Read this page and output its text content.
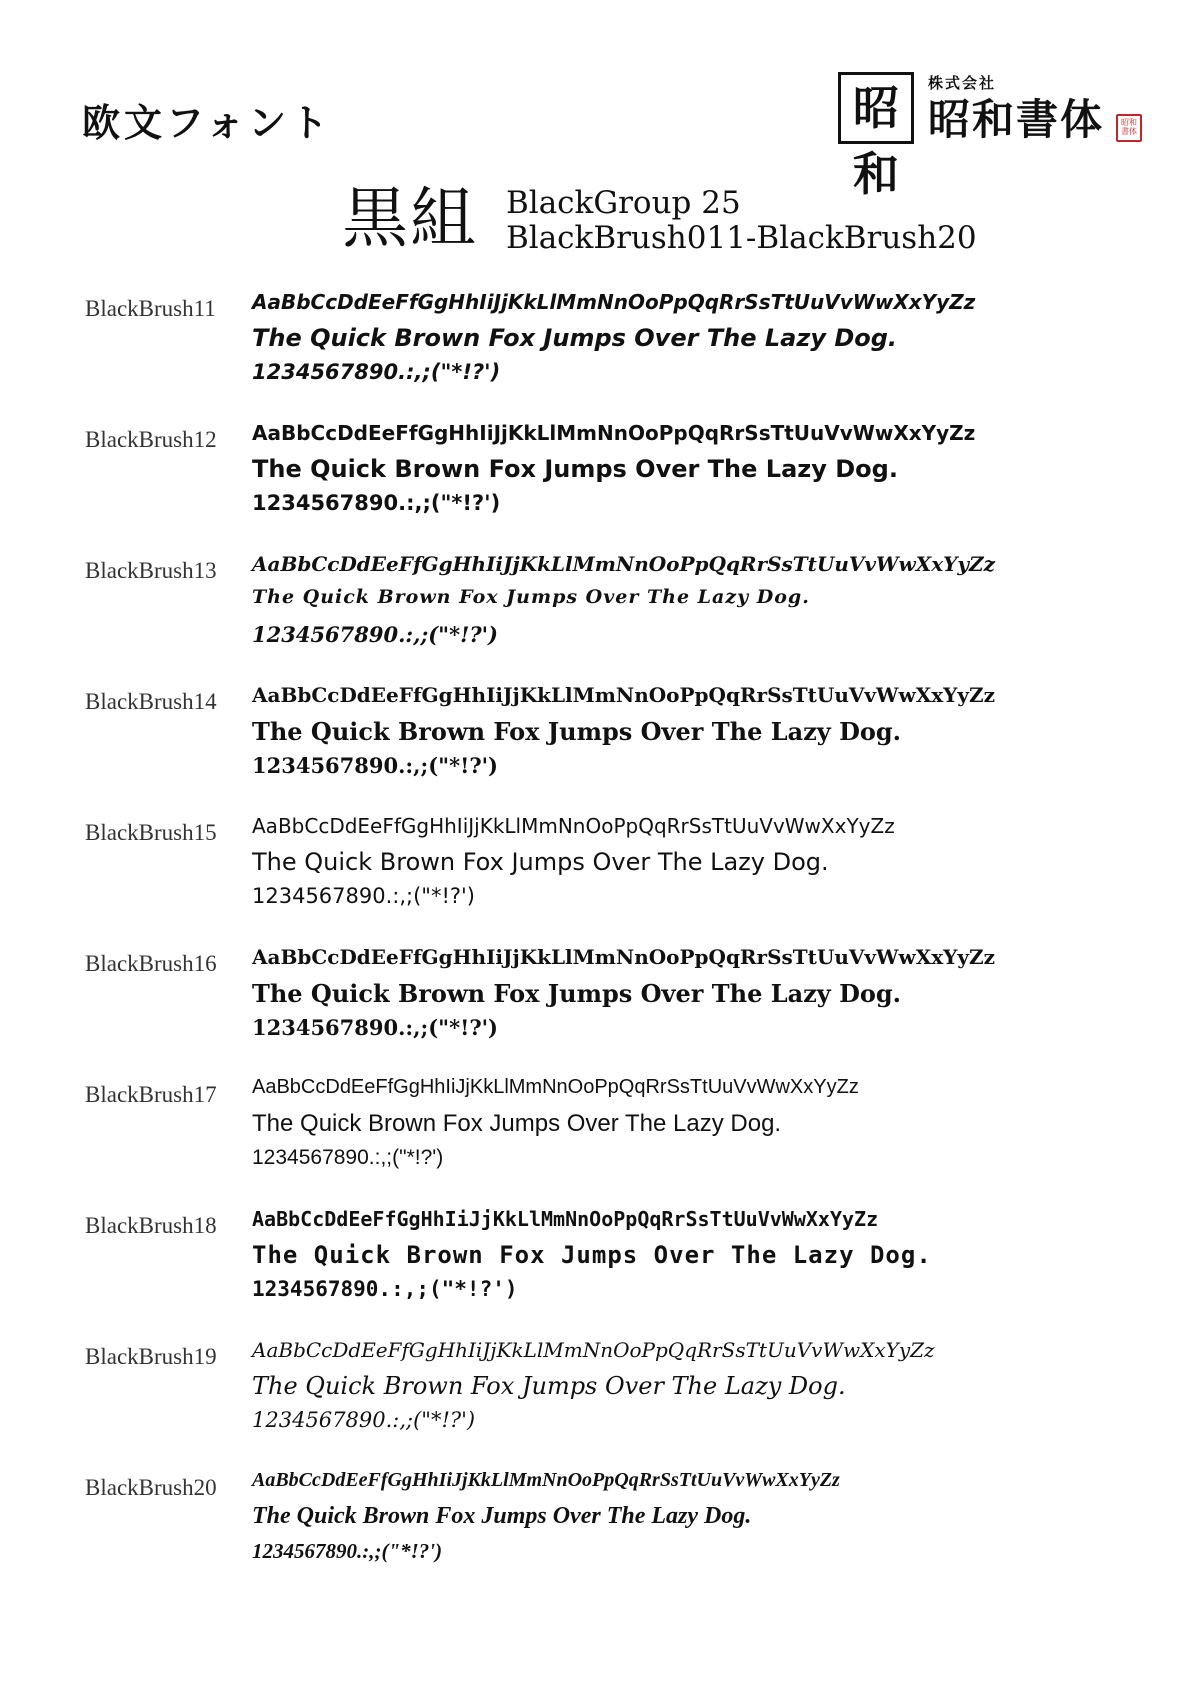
欧文フォント	昭和
株式会社
昭和書体	昭和書体
黒組 BlackGroup 25
BlackBrush011-BlackBrush20
BlackBrush11 AaBbCcDdEeFfGgHhIiJjKkLlMmNnOoPpQqRrSsTtUuVvWwXxYyZz
The Quick Brown Fox Jumps Over The Lazy Dog.
1234567890.:,;("*!?')
BlackBrush12 AaBbCcDdEeFfGgHhIiJjKkLlMmNnOoPpQqRrSsTtUuVvWwXxYyZz
The Quick Brown Fox Jumps Over The Lazy Dog.
1234567890.:,;("*!?')
BlackBrush13 AaBbCcDdEeFfGgHhIiJjKkLlMmNnOoPpQqRrSsTtUuVvWwXxYyZz
The Quick Brown Fox Jumps Over The Lazy Dog.
1234567890.:,;("*!?')
BlackBrush14 AaBbCcDdEeFfGgHhIiJjKkLlMmNnOoPpQqRrSsTtUuVvWwXxYyZz
The Quick Brown Fox Jumps Over The Lazy Dog.
1234567890.:,;("*!?')
BlackBrush15 AaBbCcDdEeFfGgHhIiJjKkLlMmNnOoPpQqRrSsTtUuVvWwXxYyZz
The Quick Brown Fox Jumps Over The Lazy Dog.
1234567890.:,;("*!?')
BlackBrush16 AaBbCcDdEeFfGgHhIiJjKkLlMmNnOoPpQqRrSsTtUuVvWwXxYyZz
The Quick Brown Fox Jumps Over The Lazy Dog.
1234567890.:,;("*!?')
BlackBrush17 AaBbCcDdEeFfGgHhIiJjKkLlMmNnOoPpQqRrSsTtUuVvWwXxYyZz
The Quick Brown Fox Jumps Over The Lazy Dog.
1234567890.:,;("*!?')
BlackBrush18 AaBbCcDdEeFfGgHhIiJjKkLlMmNnOoPpQqRrSsTtUuVvWwXxYyZz
The Quick Brown Fox Jumps Over The Lazy Dog.
1234567890.:,;("*!?')
BlackBrush19 AaBbCcDdEeFfGgHhIiJjKkLlMmNnOoPpQqRrSsTtUuVvWwXxYyZz
The Quick Brown Fox Jumps Over The Lazy Dog.
1234567890.:,;("*!?')
BlackBrush20 AaBbCcDdEeFfGgHhIiJjKkLlMmNnOoPpQqRrSsTtUuVvWwXxYyZz
The Quick Brown Fox Jumps Over The Lazy Dog.
1234567890.:,;("*!?')
